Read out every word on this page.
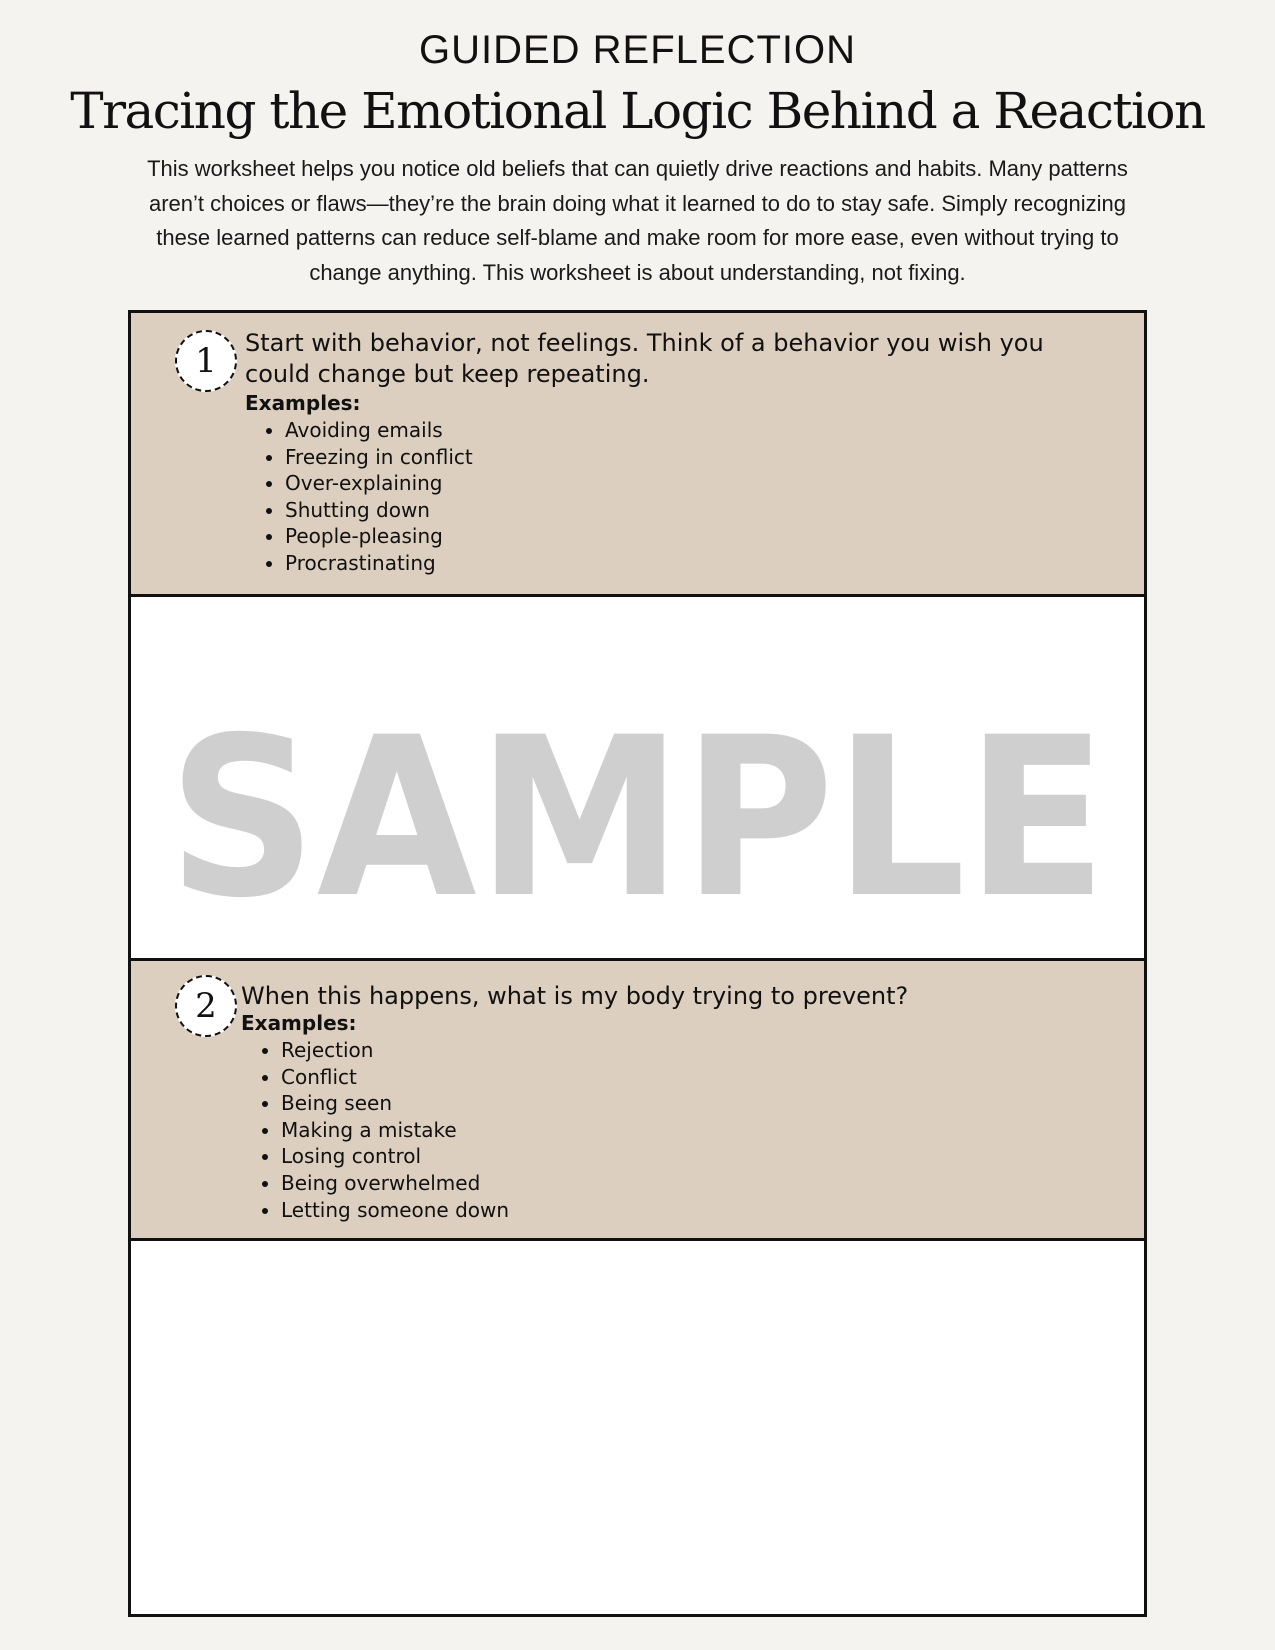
GUIDED REFLECTION
Tracing the Emotional Logic Behind a Reaction
This worksheet helps you notice old beliefs that can quietly drive reactions and habits. Many patterns aren’t choices or flaws—they’re the brain doing what it learned to do to stay safe. Simply recognizing these learned patterns can reduce self-blame and make room for more ease, even without trying to change anything. This worksheet is about understanding, not fixing.
1	Start with behavior, not feelings. Think of a behavior you wish you could change but keep repeating.
Examples:
• Avoiding emails
• Freezing in conflict
• Over-explaining
• Shutting down
• People-pleasing
• Procrastinating
SAMPLE
2	When this happens, what is my body trying to prevent?
Examples:
• Rejection
• Conflict
• Being seen
• Making a mistake
• Losing control
• Being overwhelmed
• Letting someone down
